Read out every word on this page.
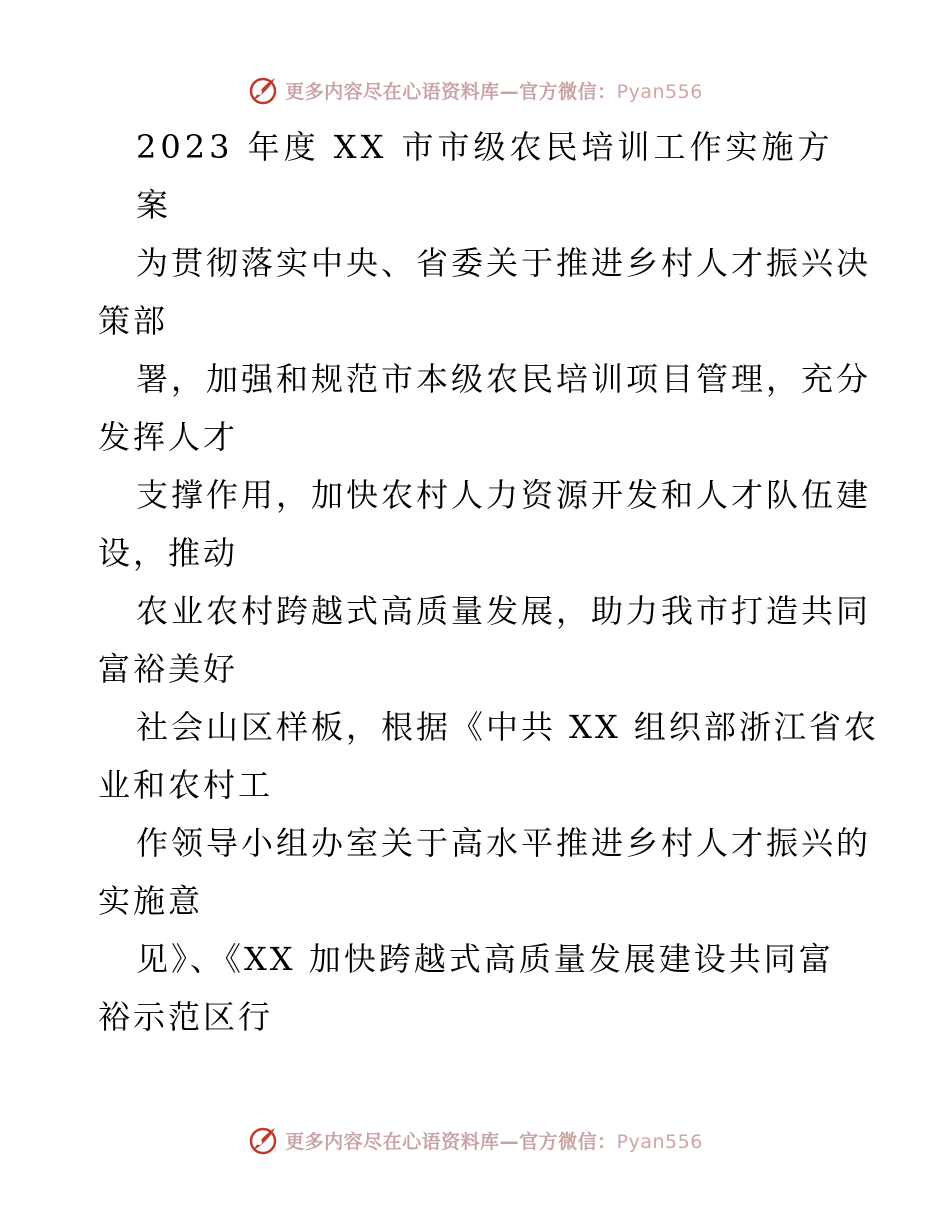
更多内容尽在心语资料库—官方微信：Pyan556
2023 年度 XX 市市级农民培训工作实施方
案
为贯彻落实中央、省委关于推进乡村人才振兴决
策部
署，加强和规范市本级农民培训项目管理，充分
发挥人才
支撑作用，加快农村人力资源开发和人才队伍建
设，推动
农业农村跨越式高质量发展，助力我市打造共同
富裕美好
社会山区样板，根据《中共 XX 组织部浙江省农
业和农村工
作领导小组办室关于高水平推进乡村人才振兴的
实施意
见》、《XX 加快跨越式高质量发展建设共同富
裕示范区行
更多内容尽在心语资料库—官方微信：Pyan556
